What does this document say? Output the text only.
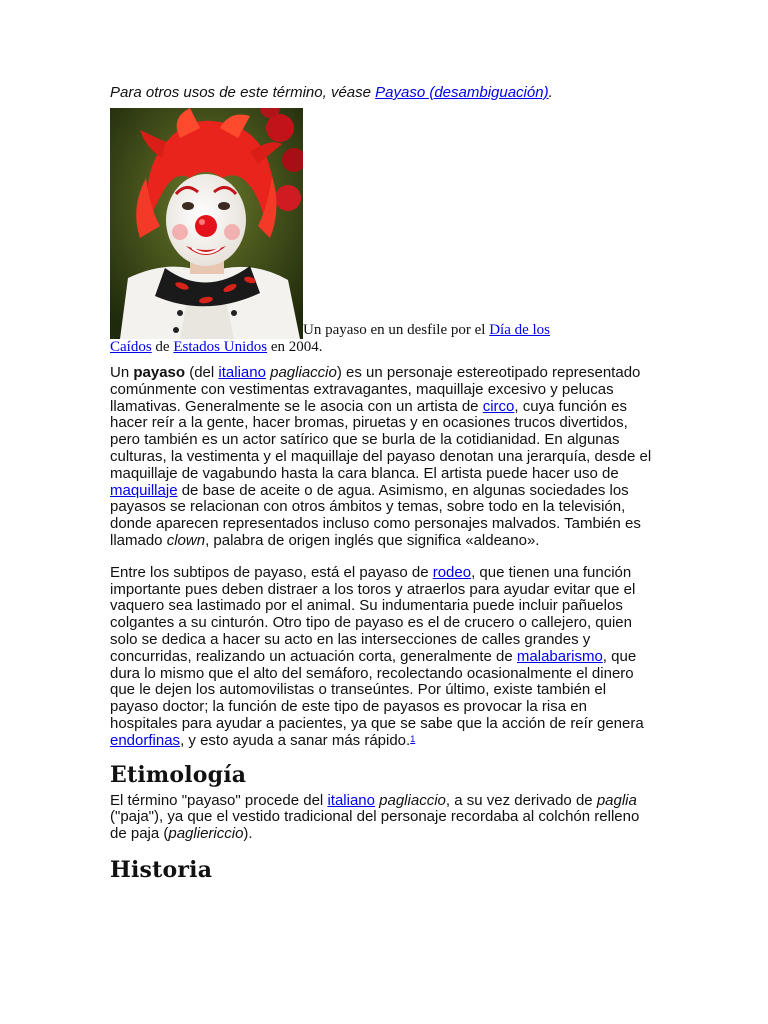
Para otros usos de este término, véase Payaso (desambiguación).

Un payaso en un desfile por el Día de los Caídos de Estados Unidos en 2004.

Un payaso (del italiano pagliaccio) es un personaje estereotipado representado comúnmente con vestimentas extravagantes, maquillaje excesivo y pelucas llamativas. Generalmente se le asocia con un artista de circo, cuya función es hacer reír a la gente, hacer bromas, piruetas y en ocasiones trucos divertidos, pero también es un actor satírico que se burla de la cotidianidad. En algunas culturas, la vestimenta y el maquillaje del payaso denotan una jerarquía, desde el maquillaje de vagabundo hasta la cara blanca. El artista puede hacer uso de maquillaje de base de aceite o de agua. Asimismo, en algunas sociedades los payasos se relacionan con otros ámbitos y temas, sobre todo en la televisión, donde aparecen representados incluso como personajes malvados. También es llamado clown, palabra de origen inglés que significa «aldeano».

Entre los subtipos de payaso, está el payaso de rodeo, que tienen una función importante pues deben distraer a los toros y atraerlos para ayudar evitar que el vaquero sea lastimado por el animal. Su indumentaria puede incluir pañuelos colgantes a su cinturón. Otro tipo de payaso es el de crucero o callejero, quien solo se dedica a hacer su acto en las intersecciones de calles grandes y concurridas, realizando un actuación corta, generalmente de malabarismo, que dura lo mismo que el alto del semáforo, recolectando ocasionalmente el dinero que le dejen los automovilistas o transeúntes. Por último, existe también el payaso doctor; la función de este tipo de payasos es provocar la risa en hospitales para ayudar a pacientes, ya que se sabe que la acción de reír genera endorfinas, y esto ayuda a sanar más rápido.$^1$

Etimología

El término "payaso" procede del italiano pagliaccio, a su vez derivado de paglia ("paja"), ya que el vestido tradicional del personaje recordaba al colchón relleno de paja (pagliericcio).

Historia
